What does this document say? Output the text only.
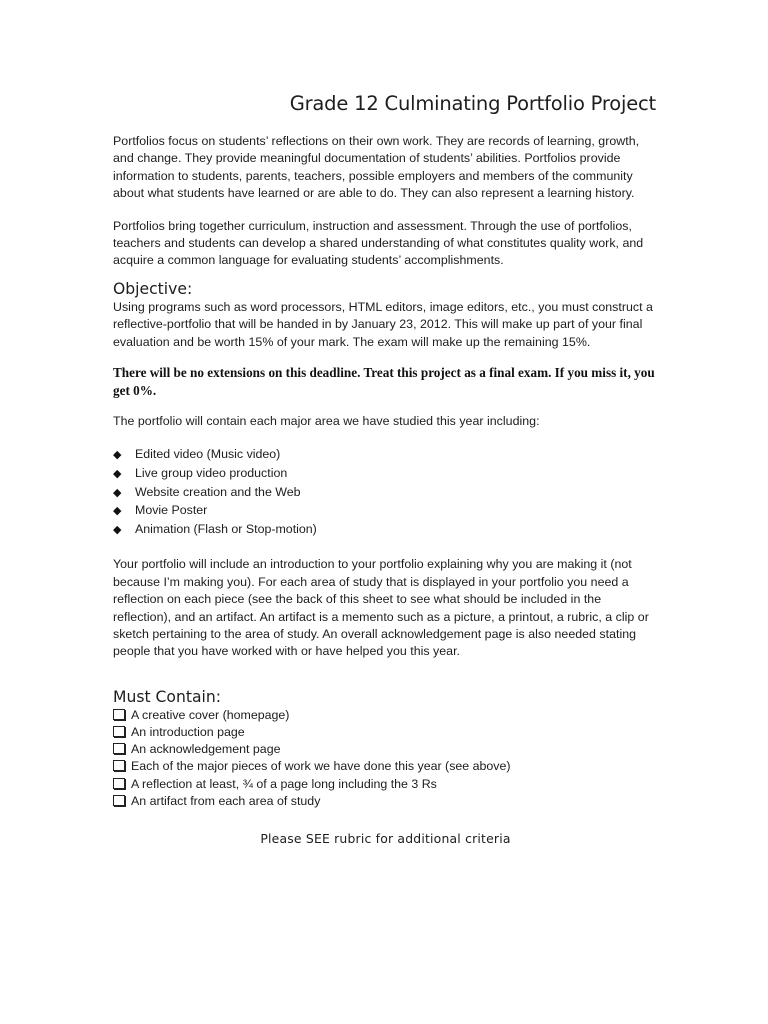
Grade 12 Culminating Portfolio Project

Portfolios focus on students’ reflections on their own work. They are records of learning, growth, and change. They provide meaningful documentation of students’ abilities. Portfolios provide information to students, parents, teachers, possible employers and members of the community about what students have learned or are able to do. They can also represent a learning history.

Portfolios bring together curriculum, instruction and assessment. Through the use of portfolios, teachers and students can develop a shared understanding of what constitutes quality work, and acquire a common language for evaluating students’ accomplishments.

Objective:

Using programs such as word processors, HTML editors, image editors, etc., you must construct a reflective-portfolio that will be handed in by January 23, 2012. This will make up part of your final evaluation and be worth 15% of your mark. The exam will make up the remaining 15%.

There will be no extensions on this deadline. Treat this project as a final exam. If you miss it, you get 0%.

The portfolio will contain each major area we have studied this year including:

◆	Edited video (Music video)
◆	Live group video production
◆	Website creation and the Web
◆	Movie Poster
◆	Animation (Flash or Stop-motion)

Your portfolio will include an introduction to your portfolio explaining why you are making it (not because I’m making you). For each area of study that is displayed in your portfolio you need a reflection on each piece (see the back of this sheet to see what should be included in the reflection), and an artifact. An artifact is a memento such as a picture, a printout, a rubric, a clip or sketch pertaining to the area of study. An overall acknowledgement page is also needed stating people that you have worked with or have helped you this year.

Must Contain:
A creative cover (homepage)
An introduction page
An acknowledgement page
Each of the major pieces of work we have done this year (see above)
A reflection at least, ¾ of a page long including the 3 Rs
An artifact from each area of study

Please SEE rubric for additional criteria
